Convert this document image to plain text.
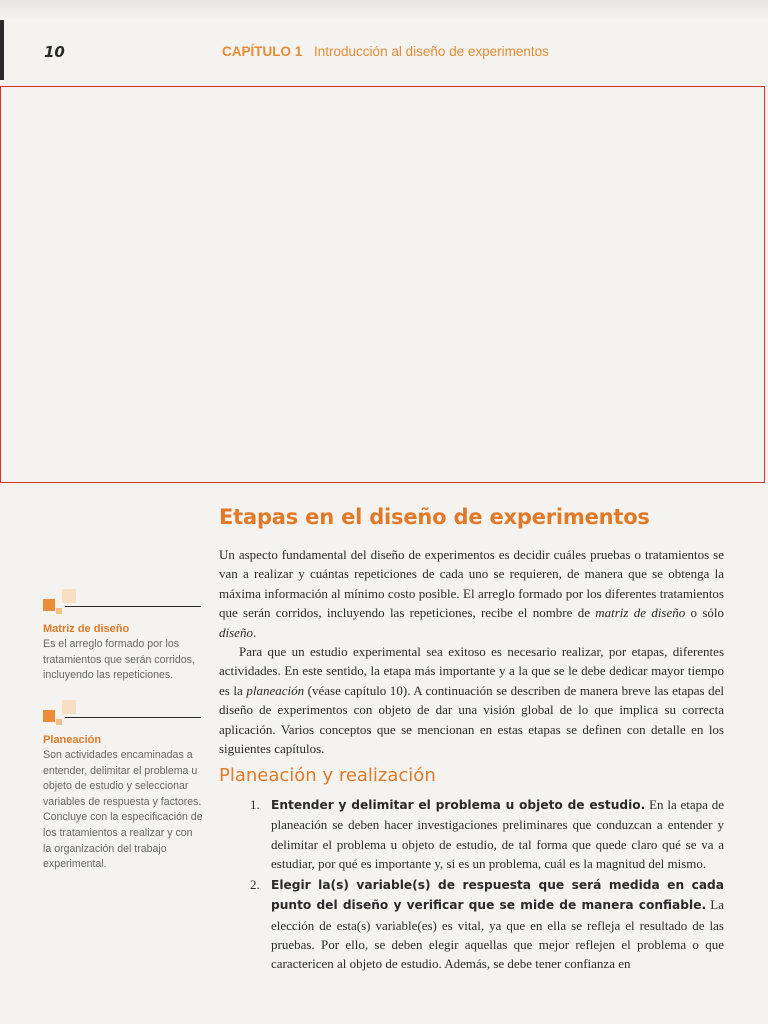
10	CAPÍTULO 1 Introducción al diseño de experimentos
Etapas en el diseño de experimentos

Un aspecto fundamental del diseño de experimentos es decidir cuáles pruebas o tratamientos se van a realizar y cuántas repeticiones de cada uno se requieren, de manera que se obtenga la máxima información al mínimo costo posible. El arreglo formado por los diferentes tratamientos que serán corridos, incluyendo las repeticiones, recibe el nombre de matriz de diseño o sólo diseño.

Para que un estudio experimental sea exitoso es necesario realizar, por etapas, diferentes actividades. En este sentido, la etapa más importante y a la que se le debe dedicar mayor tiempo es la planeación (véase capítulo 10). A continuación se describen de manera breve las etapas del diseño de experimentos con objeto de dar una visión global de lo que implica su correcta aplicación. Varios conceptos que se mencionan en estas etapas se definen con detalle en los siguientes capítulos.

Planeación y realización
1. Entender y delimitar el problema u objeto de estudio. En la etapa de planeación se deben hacer investigaciones preliminares que conduzcan a entender y delimitar el problema u objeto de estudio, de tal forma que quede claro qué se va a estudiar, por qué es importante y, si es un problema, cuál es la magnitud del mismo.
2. Elegir la(s) variable(s) de respuesta que será medida en cada punto del diseño y verificar que se mide de manera confiable. La elección de esta(s) variable(es) es vital, ya que en ella se refleja el resultado de las pruebas. Por ello, se deben elegir aquellas que mejor reflejen el problema o que caractericen al objeto de estudio. Además, se debe tener confianza en
Matriz de diseño
Es el arreglo formado por los tratamientos que serán corridos, incluyendo las repeticiones.
Planeación
Son actividades encaminadas a entender, delimitar el problema u objeto de estudio y seleccionar variables de respuesta y factores. Concluye con la especificación de los tratamientos a realizar y con la organización del trabajo experimental.
